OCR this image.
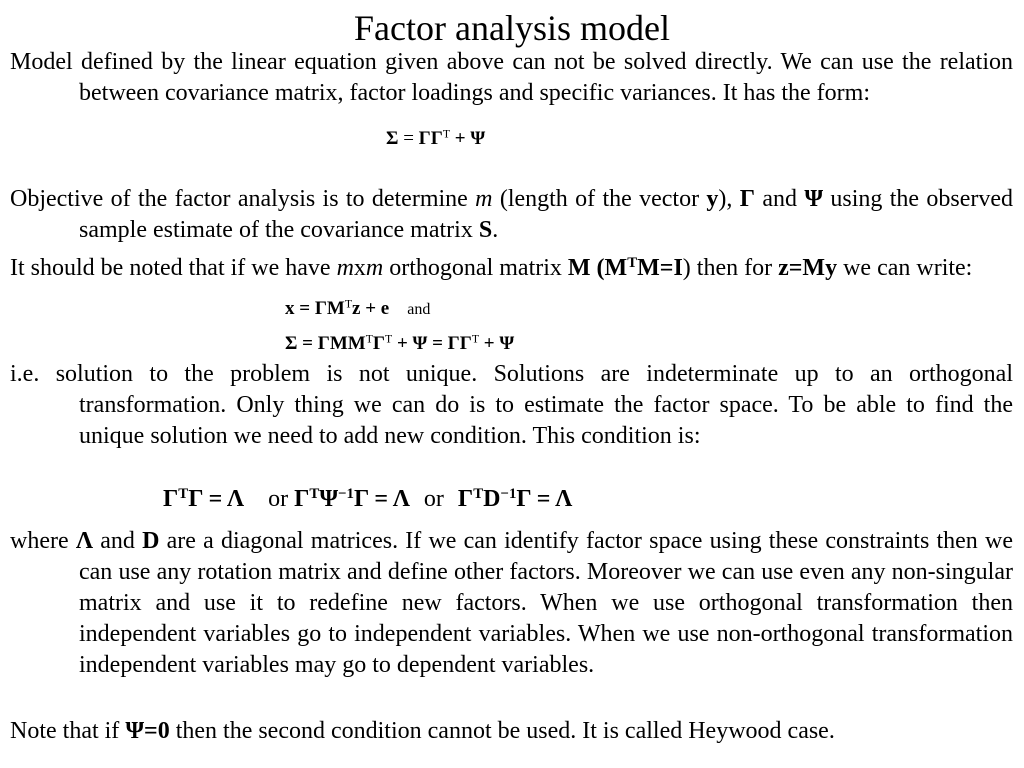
Factor analysis model
Model defined by the linear equation given above can not be solved directly. We can use the relation between covariance matrix, factor loadings and specific variances. It has the form:
$\Sigma = \Gamma\Gamma^T + \Psi$
Objective of the factor analysis is to determine m (length of the vector y), Γ and Ψ using the observed sample estimate of the covariance matrix S.
It should be noted that if we have mxm orthogonal matrix M $(M^TM=I)$ then for z=My we can write:
$x = \Gamma M^Tz + e$ and
$\Sigma = \Gamma MM^T\Gamma^T + \Psi = \Gamma\Gamma^T + \Psi$
i.e. solution to the problem is not unique. Solutions are indeterminate up to an orthogonal transformation. Only thing we can do is to estimate the factor space. To be able to find the unique solution we need to add new condition. This condition is:
$\Gamma^T\Gamma = \Lambda$ or $\Gamma^T\Psi^{-1}\Gamma = \Lambda$ or $\Gamma^TD^{-1}\Gamma = \Lambda$
where Λ and D are a diagonal matrices. If we can identify factor space using these constraints then we can use any rotation matrix and define other factors. Moreover we can use even any non-singular matrix and use it to redefine new factors. When we use orthogonal transformation then independent variables go to independent variables. When we use non-orthogonal transformation independent variables may go to dependent variables.
Note that if Ψ=0 then the second condition cannot be used. It is called Heywood case.
